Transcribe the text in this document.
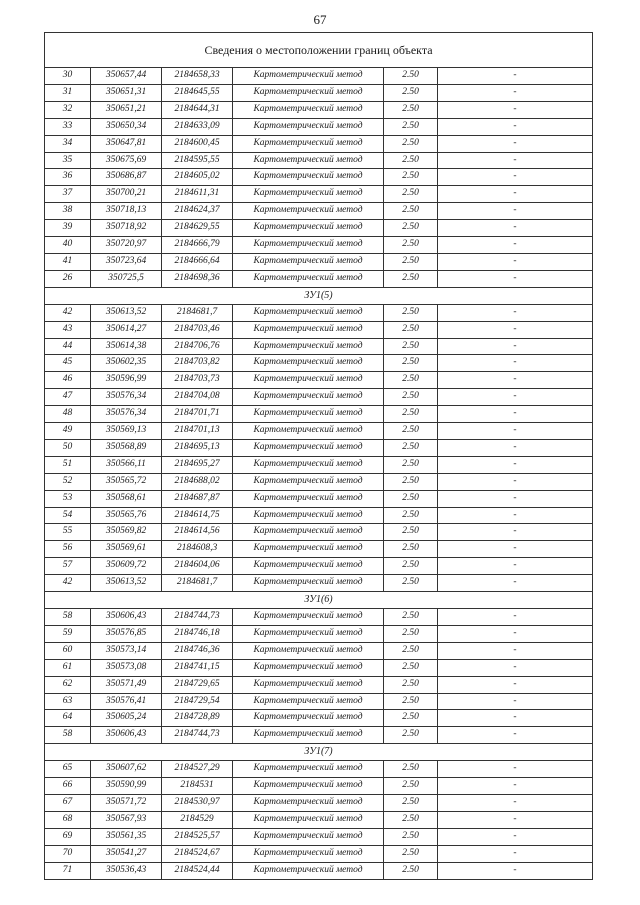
67
Сведения о местоположении границ объекта					
30	350657,44	2184658,33	Картометрический метод	2.50	-
31	350651,31	2184645,55	Картометрический метод	2.50	-
32	350651,21	2184644,31	Картометрический метод	2.50	-
33	350650,34	2184633,09	Картометрический метод	2.50	-
34	350647,81	2184600,45	Картометрический метод	2.50	-
35	350675,69	2184595,55	Картометрический метод	2.50	-
36	350686,87	2184605,02	Картометрический метод	2.50	-
37	350700,21	2184611,31	Картометрический метод	2.50	-
38	350718,13	2184624,37	Картометрический метод	2.50	-
39	350718,92	2184629,55	Картометрический метод	2.50	-
40	350720,97	2184666,79	Картометрический метод	2.50	-
41	350723,64	2184666,64	Картометрический метод	2.50	-
26	350725,5	2184698,36	Картометрический метод	2.50	-
ЗУ1(5)					
42	350613,52	2184681,7	Картометрический метод	2.50	-
43	350614,27	2184703,46	Картометрический метод	2.50	-
44	350614,38	2184706,76	Картометрический метод	2.50	-
45	350602,35	2184703,82	Картометрический метод	2.50	-
46	350596,99	2184703,73	Картометрический метод	2.50	-
47	350576,34	2184704,08	Картометрический метод	2.50	-
48	350576,34	2184701,71	Картометрический метод	2.50	-
49	350569,13	2184701,13	Картометрический метод	2.50	-
50	350568,89	2184695,13	Картометрический метод	2.50	-
51	350566,11	2184695,27	Картометрический метод	2.50	-
52	350565,72	2184688,02	Картометрический метод	2.50	-
53	350568,61	2184687,87	Картометрический метод	2.50	-
54	350565,76	2184614,75	Картометрический метод	2.50	-
55	350569,82	2184614,56	Картометрический метод	2.50	-
56	350569,61	2184608,3	Картометрический метод	2.50	-
57	350609,72	2184604,06	Картометрический метод	2.50	-
42	350613,52	2184681,7	Картометрический метод	2.50	-
ЗУ1(6)					
58	350606,43	2184744,73	Картометрический метод	2.50	-
59	350576,85	2184746,18	Картометрический метод	2.50	-
60	350573,14	2184746,36	Картометрический метод	2.50	-
61	350573,08	2184741,15	Картометрический метод	2.50	-
62	350571,49	2184729,65	Картометрический метод	2.50	-
63	350576,41	2184729,54	Картометрический метод	2.50	-
64	350605,24	2184728,89	Картометрический метод	2.50	-
58	350606,43	2184744,73	Картометрический метод	2.50	-
ЗУ1(7)					
65	350607,62	2184527,29	Картометрический метод	2.50	-
66	350590,99	2184531	Картометрический метод	2.50	-
67	350571,72	2184530,97	Картометрический метод	2.50	-
68	350567,93	2184529	Картометрический метод	2.50	-
69	350561,35	2184525,57	Картометрический метод	2.50	-
70	350541,27	2184524,67	Картометрический метод	2.50	-
71	350536,43	2184524,44	Картометрический метод	2.50	-
